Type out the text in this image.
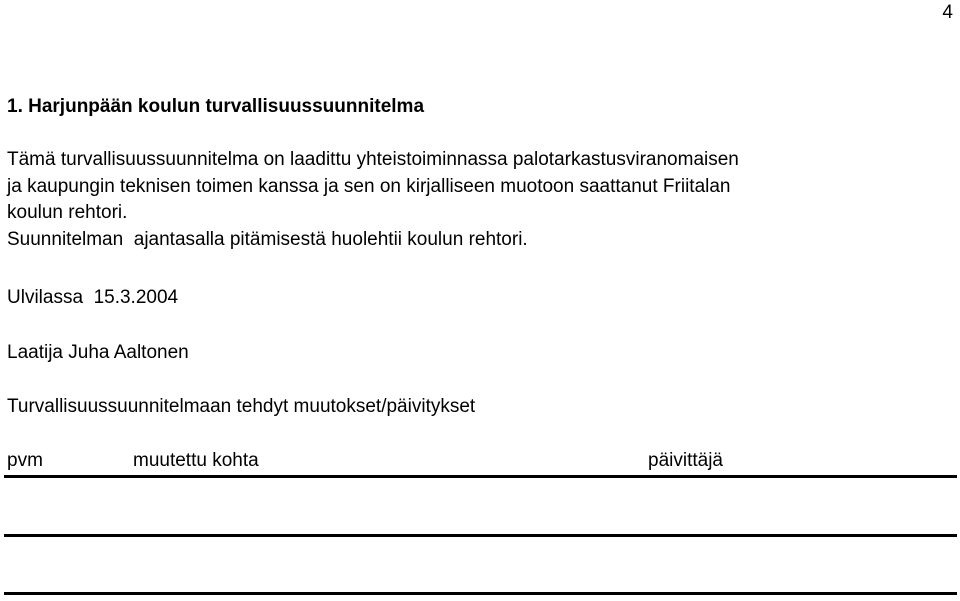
4
1. Harjunpään koulun turvallisuussuunnitelma

Tämä turvallisuussuunnitelma on laadittu yhteistoiminnassa palotarkastusviranomaisen
ja kaupungin teknisen toimen kanssa ja sen on kirjalliseen muotoon saattanut Friitalan
koulun rehtori.

Suunnitelman  ajantasalla pitämisestä huolehtii koulun rehtori.

Ulvilassa  15.3.2004

Laatija Juha Aaltonen

Turvallisuussuunnitelmaan tehdyt muutokset/päivitykset

pvm	muutettu kohta	päivittäjä
